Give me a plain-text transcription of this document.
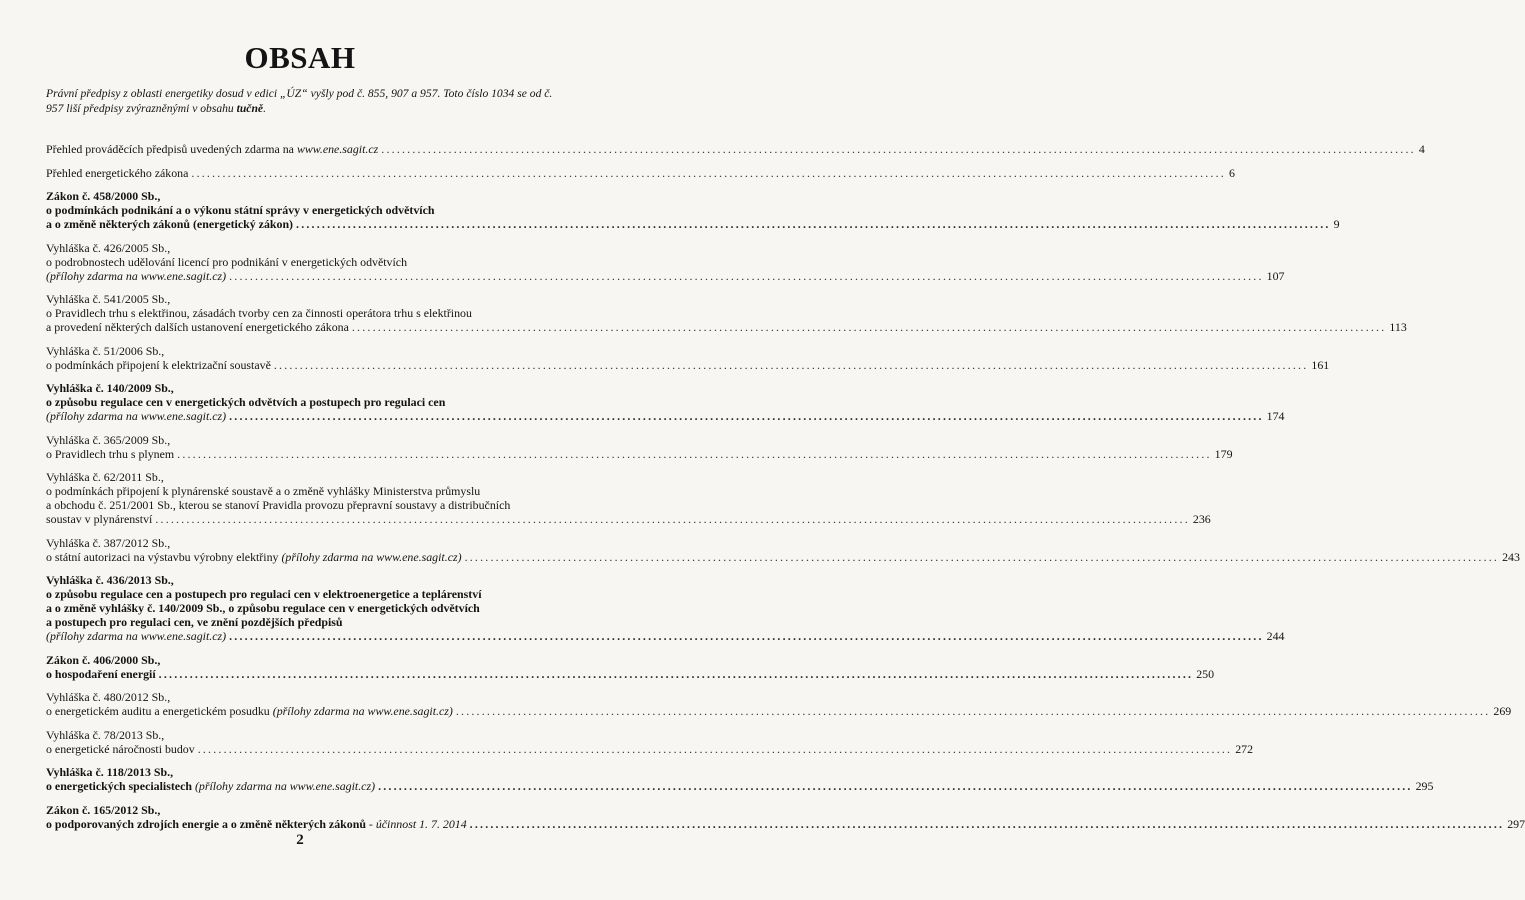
OBSAH

Právní předpisy z oblasti energetiky dosud v edici „ÚZ“ vyšly pod č. 855, 907 a 957. Toto číslo 1034 se od č. 957 liší předpisy zvýrazněnými v obsahu tučně.

Přehled prováděcích předpisů uvedených zdarma na www.ene.sagit.cz ........................................................................................................................................................................................................ 4
Přehled energetického zákona ........................................................................................................................................................................................................ 6
Zákon č. 458/2000 Sb.,
o podmínkách podnikání a o výkonu státní správy v energetických odvětvích
a o změně některých zákonů (energetický zákon) ........................................................................................................................................................................................................ 9
Vyhláška č. 426/2005 Sb.,
o podrobnostech udělování licencí pro podnikání v energetických odvětvích
(přílohy zdarma na www.ene.sagit.cz) ........................................................................................................................................................................................................ 107
Vyhláška č. 541/2005 Sb.,
o Pravidlech trhu s elektřinou, zásadách tvorby cen za činnosti operátora trhu s elektřinou
a provedení některých dalších ustanovení energetického zákona ........................................................................................................................................................................................................ 113
Vyhláška č. 51/2006 Sb.,
o podmínkách připojení k elektrizační soustavě ........................................................................................................................................................................................................ 161
Vyhláška č. 140/2009 Sb.,
o způsobu regulace cen v energetických odvětvích a postupech pro regulaci cen
(přílohy zdarma na www.ene.sagit.cz) ........................................................................................................................................................................................................ 174
Vyhláška č. 365/2009 Sb.,
o Pravidlech trhu s plynem ........................................................................................................................................................................................................ 179
Vyhláška č. 62/2011 Sb.,
o podmínkách připojení k plynárenské soustavě a o změně vyhlášky Ministerstva průmyslu
a obchodu č. 251/2001 Sb., kterou se stanoví Pravidla provozu přepravní soustavy a distribučních
soustav v plynárenství ........................................................................................................................................................................................................ 236
Vyhláška č. 387/2012 Sb.,
o státní autorizaci na výstavbu výrobny elektřiny (přílohy zdarma na www.ene.sagit.cz) ........................................................................................................................................................................................................ 243
Vyhláška č. 436/2013 Sb.,
o způsobu regulace cen a postupech pro regulaci cen v elektroenergetice a teplárenství
a o změně vyhlášky č. 140/2009 Sb., o způsobu regulace cen v energetických odvětvích
a postupech pro regulaci cen, ve znění pozdějších předpisů
(přílohy zdarma na www.ene.sagit.cz) ........................................................................................................................................................................................................ 244
Zákon č. 406/2000 Sb.,
o hospodaření energií ........................................................................................................................................................................................................ 250
Vyhláška č. 480/2012 Sb.,
o energetickém auditu a energetickém posudku (přílohy zdarma na www.ene.sagit.cz) ........................................................................................................................................................................................................ 269
Vyhláška č. 78/2013 Sb.,
o energetické náročnosti budov ........................................................................................................................................................................................................ 272
Vyhláška č. 118/2013 Sb.,
o energetických specialistech (přílohy zdarma na www.ene.sagit.cz) ........................................................................................................................................................................................................ 295
Zákon č. 165/2012 Sb.,
o podporovaných zdrojích energie a o změně některých zákonů - účinnost 1. 7. 2014 ........................................................................................................................................................................................................ 297
2
